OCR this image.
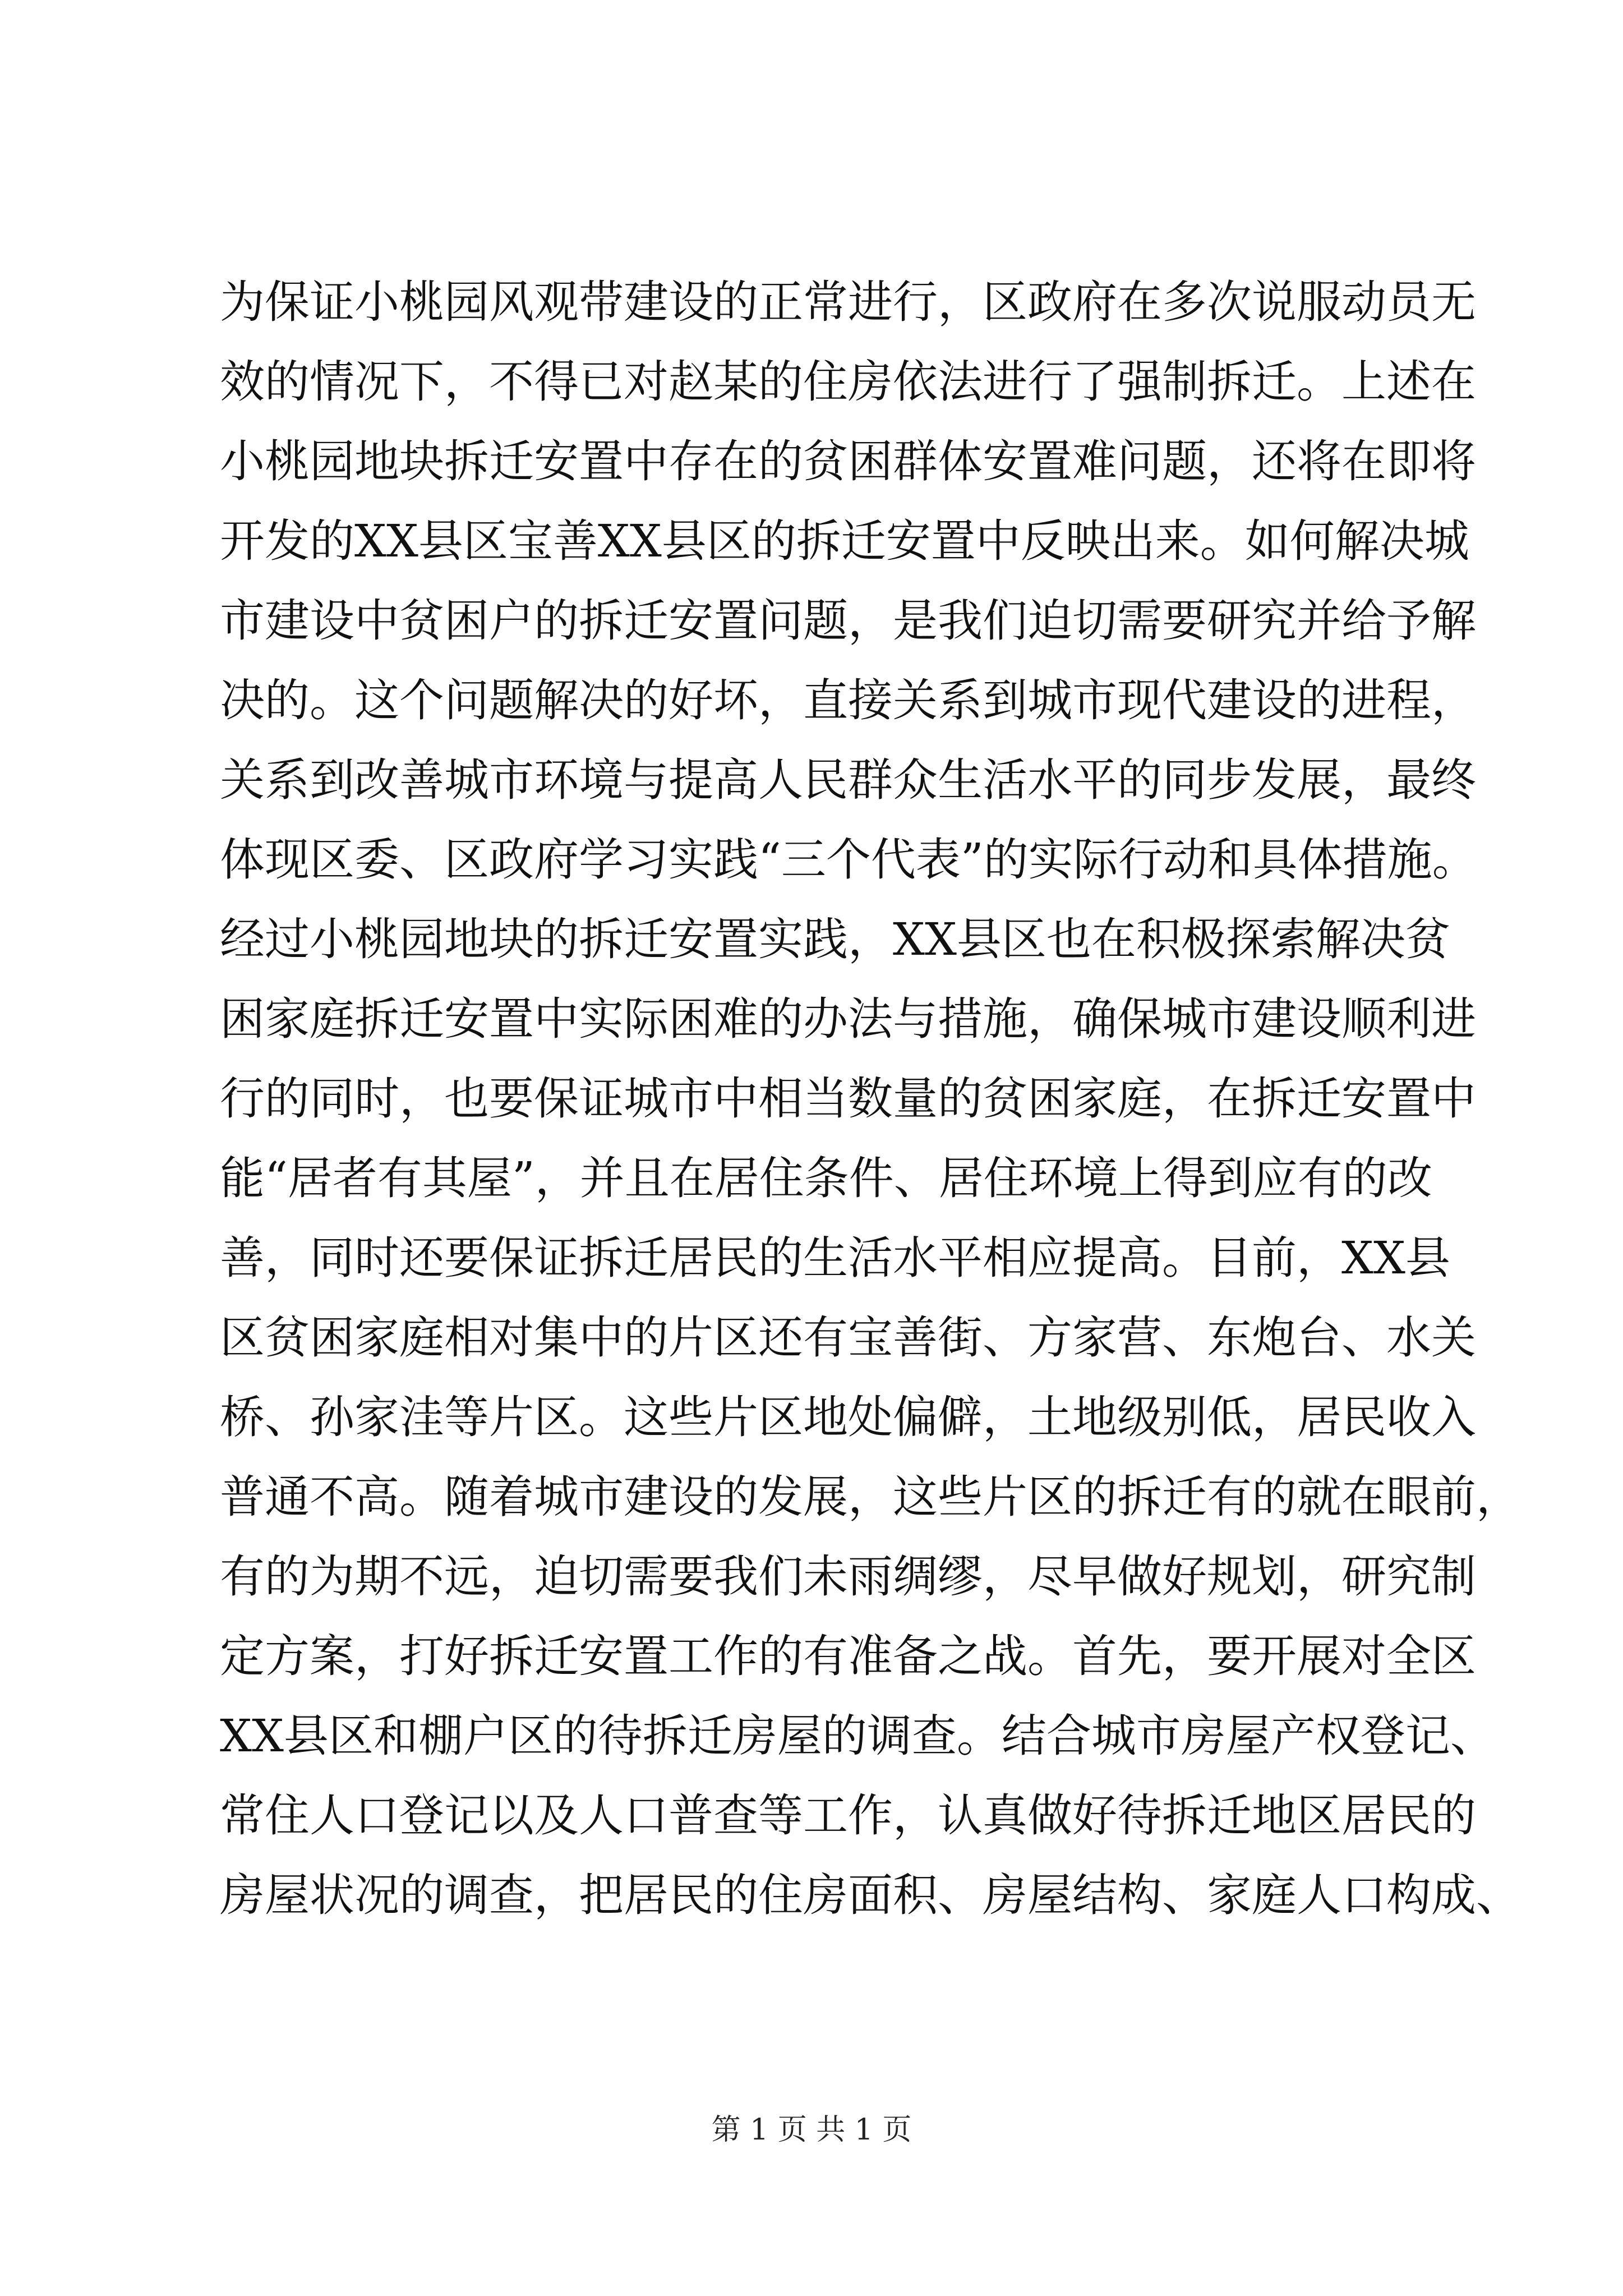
为保证小桃园风观带建设的正常进行，区政府在多次说服动员无
效的情况下，不得已对赵某的住房依法进行了强制拆迁。上述在
小桃园地块拆迁安置中存在的贫困群体安置难问题，还将在即将
开发的XX县区宝善XX县区的拆迁安置中反映出来。如何解决城
市建设中贫困户的拆迁安置问题，是我们迫切需要研究并给予解
决的。这个问题解决的好坏，直接关系到城市现代建设的进程，
关系到改善城市环境与提高人民群众生活水平的同步发展，最终
体现区委、区政府学习实践“三个代表”的实际行动和具体措施。
经过小桃园地块的拆迁安置实践，XX县区也在积极探索解决贫
困家庭拆迁安置中实际困难的办法与措施，确保城市建设顺利进
行的同时，也要保证城市中相当数量的贫困家庭，在拆迁安置中
能“居者有其屋”，并且在居住条件、居住环境上得到应有的改
善，同时还要保证拆迁居民的生活水平相应提高。目前，XX县
区贫困家庭相对集中的片区还有宝善街、方家营、东炮台、水关
桥、孙家洼等片区。这些片区地处偏僻，土地级别低，居民收入
普通不高。随着城市建设的发展，这些片区的拆迁有的就在眼前，
有的为期不远，迫切需要我们未雨绸缪，尽早做好规划，研究制
定方案，打好拆迁安置工作的有准备之战。首先，要开展对全区
XX县区和棚户区的待拆迁房屋的调查。结合城市房屋产权登记、
常住人口登记以及人口普查等工作，认真做好待拆迁地区居民的
房屋状况的调查，把居民的住房面积、房屋结构、家庭人口构成、
第 1 页 共 1 页
